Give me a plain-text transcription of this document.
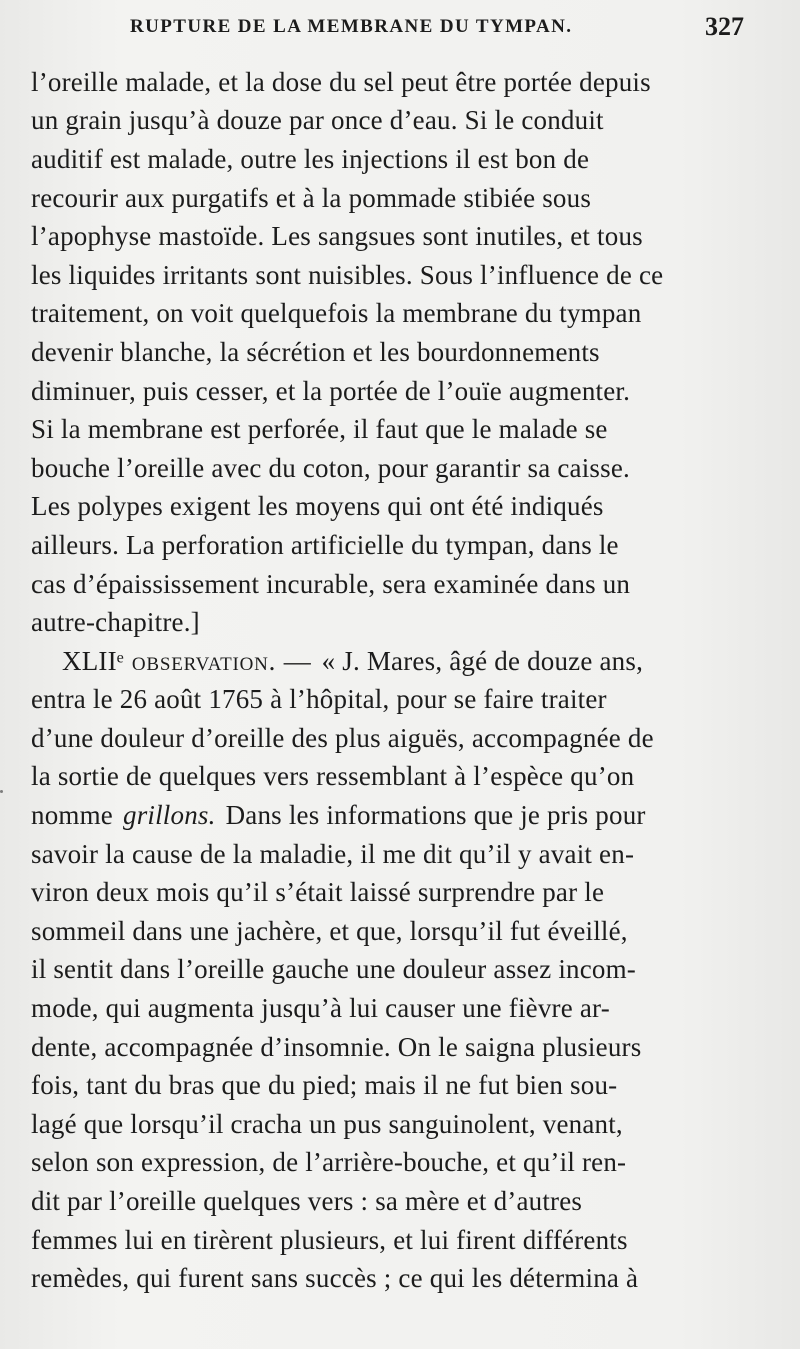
RUPTURE DE LA MEMBRANE DU TYMPAN.	327
l’oreille malade, et la dose du sel peut être portée depuis
un grain jusqu’à douze par once d’eau. Si le conduit
auditif est malade, outre les injections il est bon de
recourir aux purgatifs et à la pommade stibiée sous
l’apophyse mastoïde. Les sangsues sont inutiles, et tous
les liquides irritants sont nuisibles. Sous l’influence de ce
traitement, on voit quelquefois la membrane du tympan
devenir blanche, la sécrétion et les bourdonnements
diminuer, puis cesser, et la portée de l’ouïe augmenter.
Si la membrane est perforée, il faut que le malade se
bouche l’oreille avec du coton, pour garantir sa caisse.
Les polypes exigent les moyens qui ont été indiqués
ailleurs. La perforation artificielle du tympan, dans le
cas d’épaississement incurable, sera examinée dans un
autre-chapitre.]
XLIIᵉ observation. — « J. Mares, âgé de douze ans,
entra le 26 août 1765 à l’hôpital, pour se faire traiter
d’une douleur d’oreille des plus aiguës, accompagnée de
la sortie de quelques vers ressemblant à l’espèce qu’on
nomme grillons. Dans les informations que je pris pour
savoir la cause de la maladie, il me dit qu’il y avait en-
viron deux mois qu’il s’était laissé surprendre par le
sommeil dans une jachère, et que, lorsqu’il fut éveillé,
il sentit dans l’oreille gauche une douleur assez incom-
mode, qui augmenta jusqu’à lui causer une fièvre ar-
dente, accompagnée d’insomnie. On le saigna plusieurs
fois, tant du bras que du pied; mais il ne fut bien sou-
lagé que lorsqu’il cracha un pus sanguinolent, venant,
selon son expression, de l’arrière-bouche, et qu’il ren-
dit par l’oreille quelques vers : sa mère et d’autres
femmes lui en tirèrent plusieurs, et lui firent différents
remèdes, qui furent sans succès ; ce qui les détermina à
